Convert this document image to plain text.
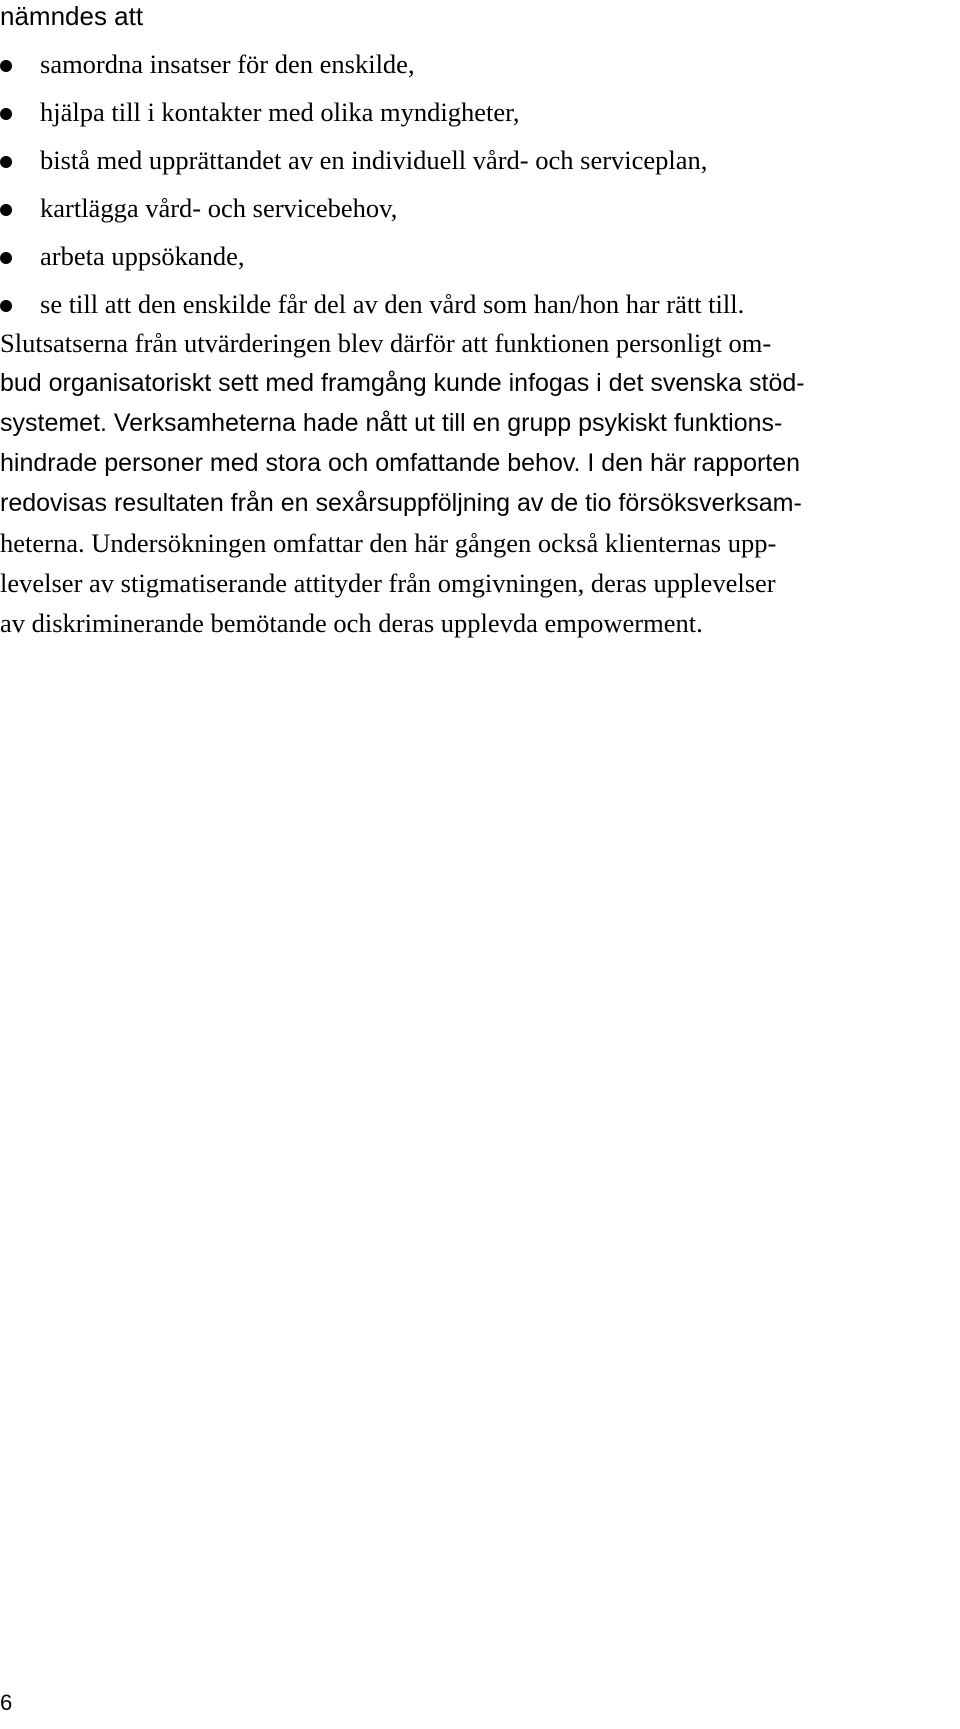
nämndes att
samordna insatser för den enskilde,
hjälpa till i kontakter med olika myndigheter,
bistå med upprättandet av en individuell vård- och serviceplan,
kartlägga vård- och servicebehov,
arbeta uppsökande,
se till att den enskilde får del av den vård som han/hon har rätt till.

Slutsatserna från utvärderingen blev därför att funktionen personligt om-
bud organisatoriskt sett med framgång kunde infogas i det svenska stöd-
systemet. Verksamheterna hade nått ut till en grupp psykiskt funktions-
hindrade personer med stora och omfattande behov. I den här rapporten
redovisas resultaten från en sexårsuppföljning av de tio försöksverksam-
heterna. Undersökningen omfattar den här gången också klienternas upp-
levelser av stigmatiserande attityder från omgivningen, deras upplevelser
av diskriminerande bemötande och deras upplevda empowerment.

6
